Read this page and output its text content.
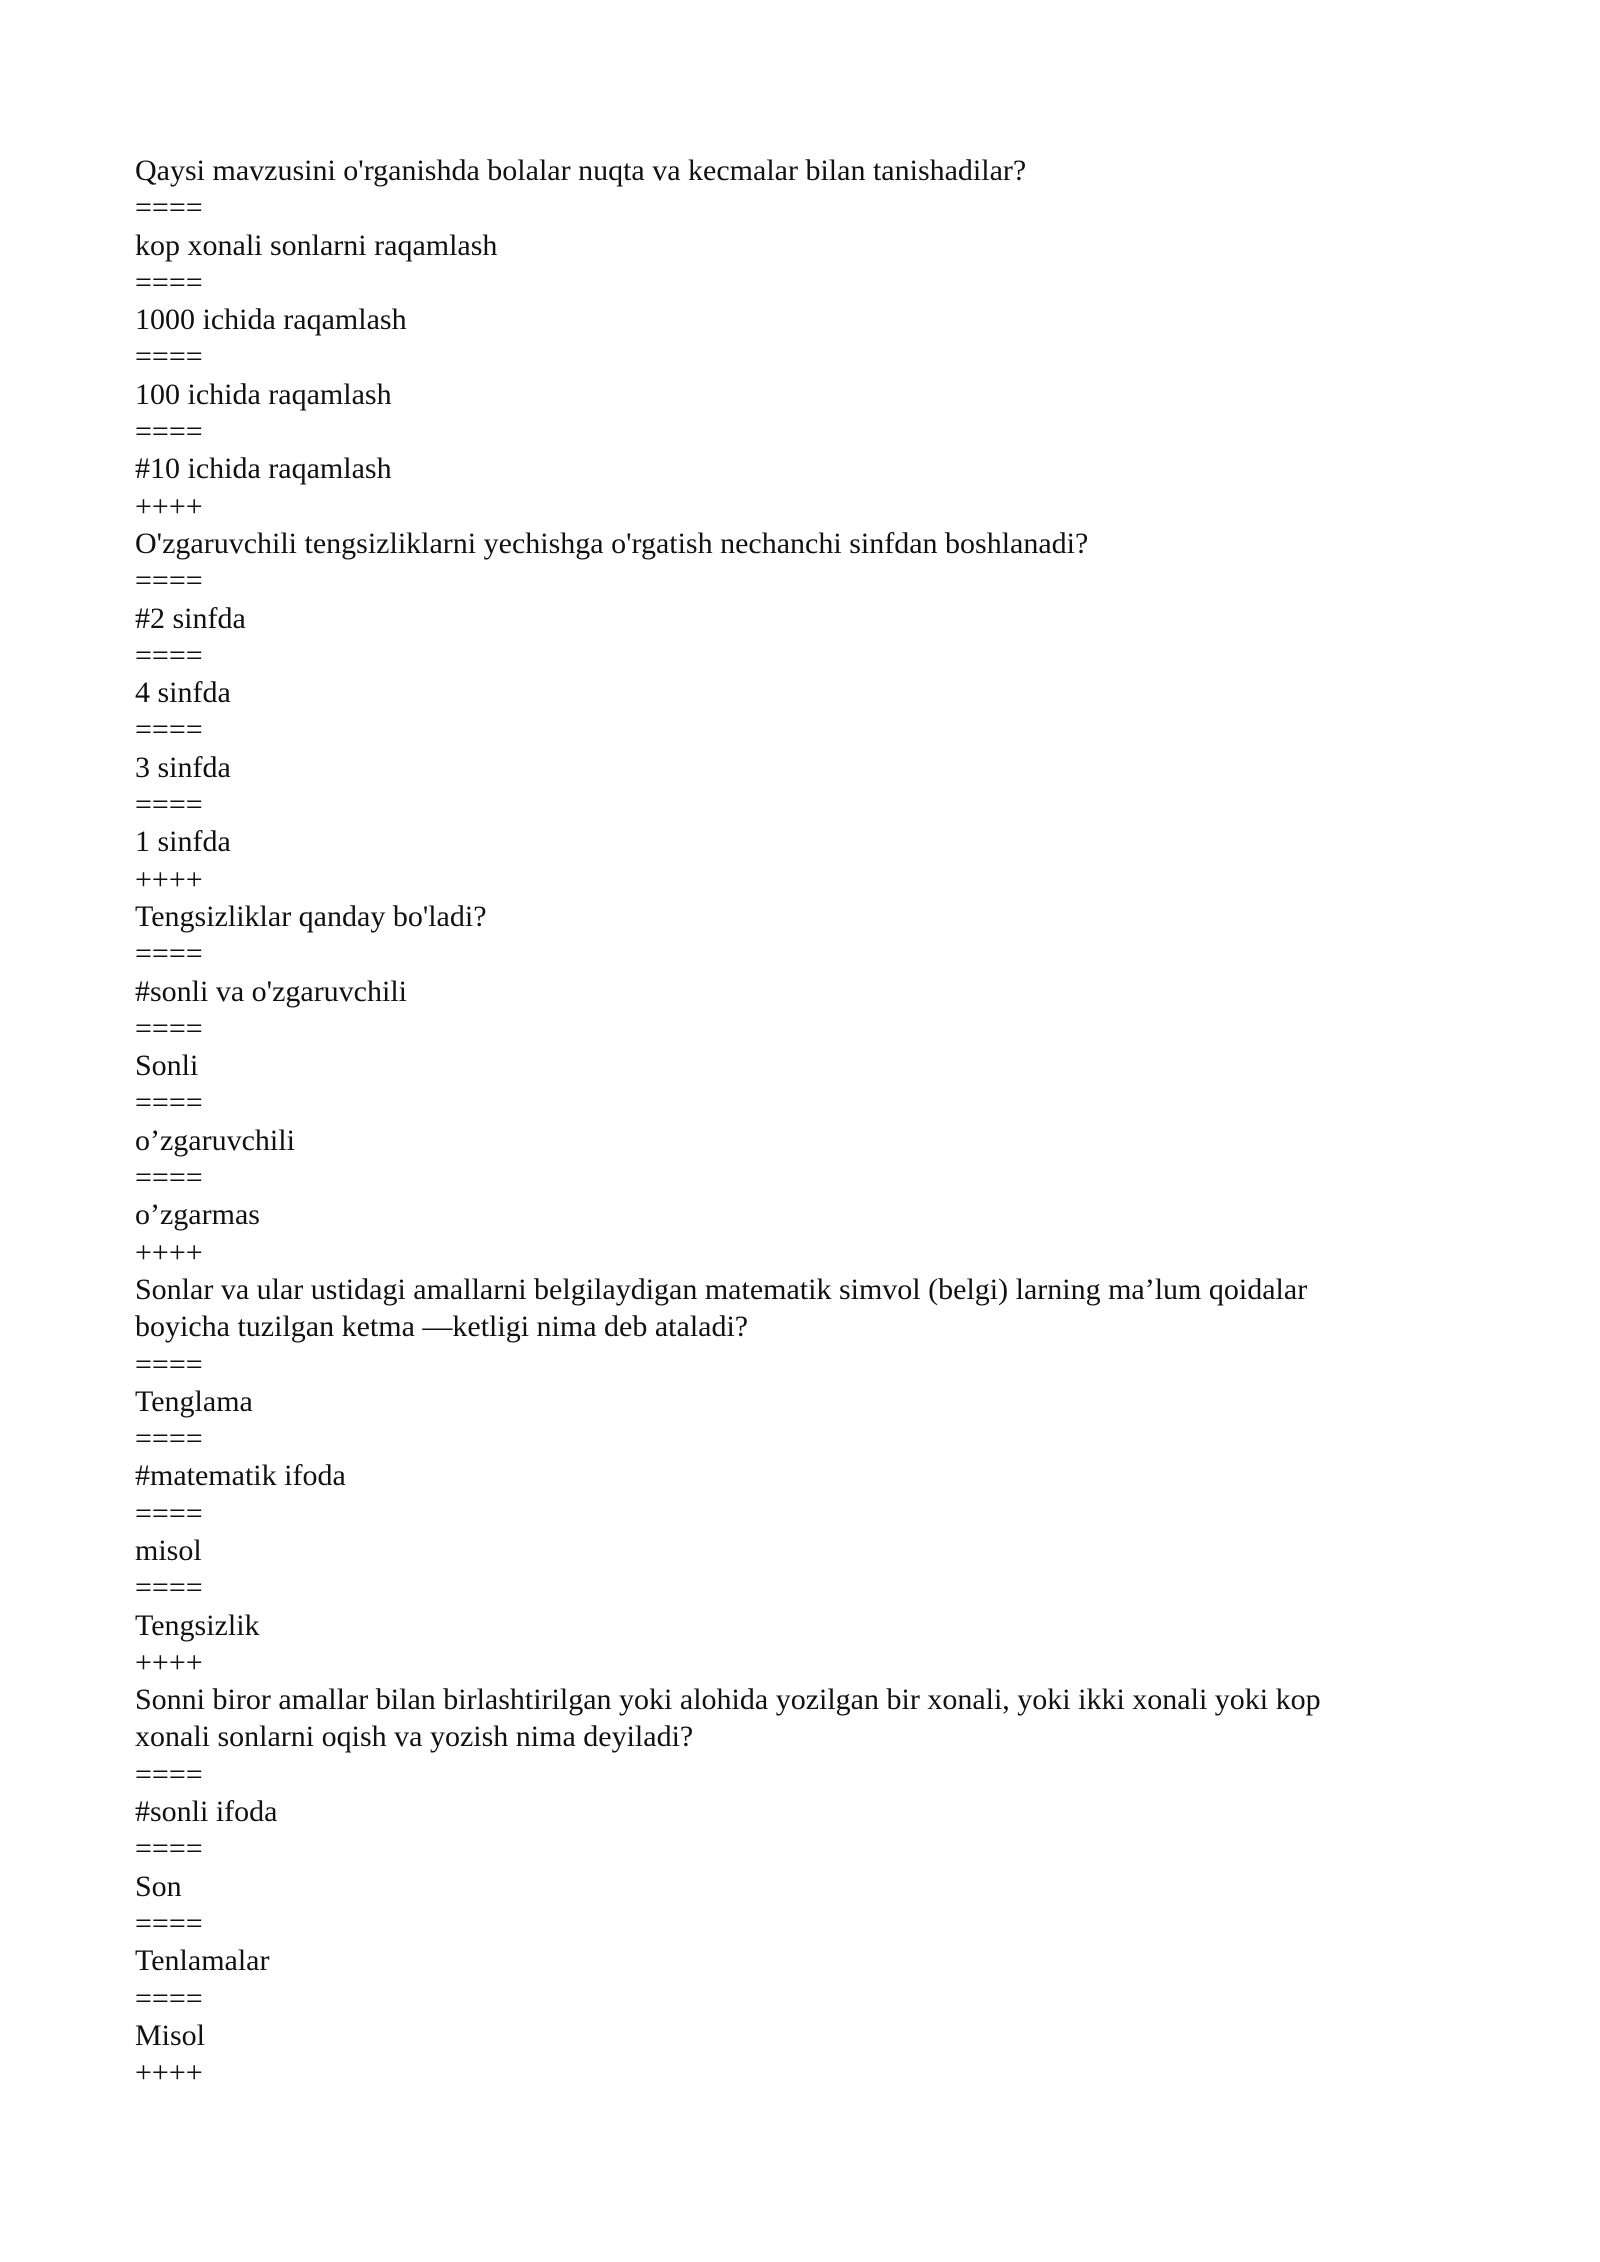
Qaysi mavzusini o'rganishda bolalar nuqta va kecmalar bilan tanishadilar?
====
kop xonali sonlarni raqamlash
====
1000 ichida raqamlash
====
100 ichida raqamlash
====
#10 ichida raqamlash
++++
O'zgaruvchili tengsizliklarni yechishga o'rgatish nechanchi sinfdan boshlanadi?
====
#2 sinfda
====
4 sinfda
====
3 sinfda
====
1 sinfda
++++
Tengsizliklar qanday bo'ladi?
====
#sonli va o'zgaruvchili
====
Sonli
====
o’zgaruvchili
====
o’zgarmas
++++
Sonlar va ular ustidagi amallarni belgilaydigan matematik simvol (belgi) larning ma’lum qoidalar
boyicha tuzilgan ketma —ketligi nima deb ataladi?
====
Tenglama
====
#matematik ifoda
====
misol
====
Tengsizlik
++++
Sonni biror amallar bilan birlashtirilgan yoki alohida yozilgan bir xonali, yoki ikki xonali yoki kop
xonali sonlarni oqish va yozish nima deyiladi?
====
#sonli ifoda
====
Son
====
Tenlamalar
====
Misol
++++
